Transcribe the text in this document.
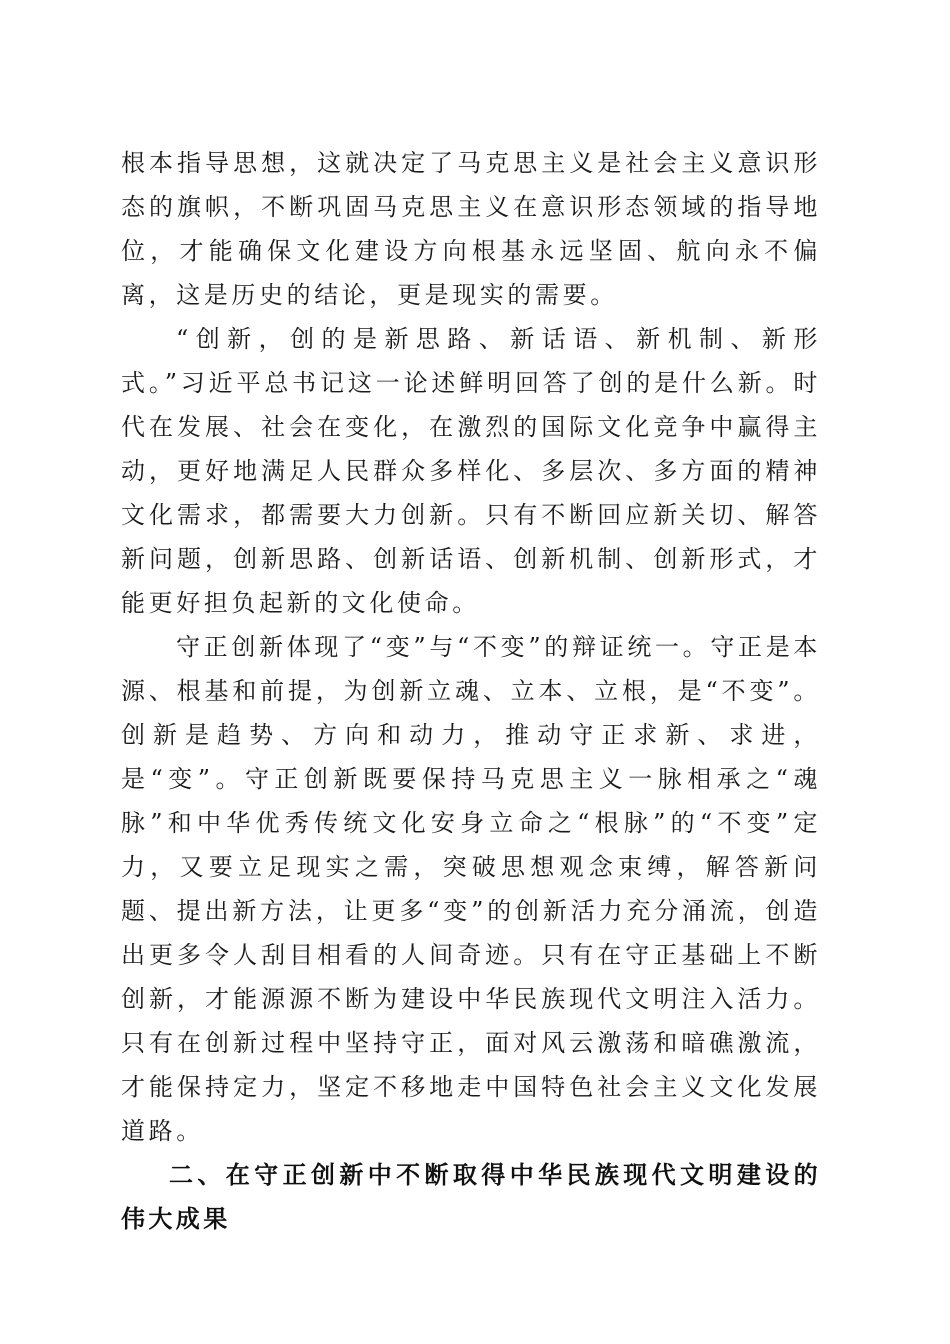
根本指导思想，这就决定了马克思主义是社会主义意识形态的旗帜，不断巩固马克思主义在意识形态领域的指导地位，才能确保文化建设方向根基永远坚固、航向永不偏离，这是历史的结论，更是现实的需要。

“创新，创的是新思路、新话语、新机制、新形式。”习近平总书记这一论述鲜明回答了创的是什么新。时代在发展、社会在变化，在激烈的国际文化竞争中赢得主动，更好地满足人民群众多样化、多层次、多方面的精神文化需求，都需要大力创新。只有不断回应新关切、解答新问题，创新思路、创新话语、创新机制、创新形式，才能更好担负起新的文化使命。

守正创新体现了“变”与“不变”的辩证统一。守正是本源、根基和前提，为创新立魂、立本、立根，是“不变”。创新是趋势、方向和动力，推动守正求新、求进，是“变”。守正创新既要保持马克思主义一脉相承之“魂脉”和中华优秀传统文化安身立命之“根脉”的“不变”定力，又要立足现实之需，突破思想观念束缚，解答新问题、提出新方法，让更多“变”的创新活力充分涌流，创造出更多令人刮目相看的人间奇迹。只有在守正基础上不断创新，才能源源不断为建设中华民族现代文明注入活力。只有在创新过程中坚持守正，面对风云激荡和暗礁激流，才能保持定力，坚定不移地走中国特色社会主义文化发展道路。

二、在守正创新中不断取得中华民族现代文明建设的伟大成果
